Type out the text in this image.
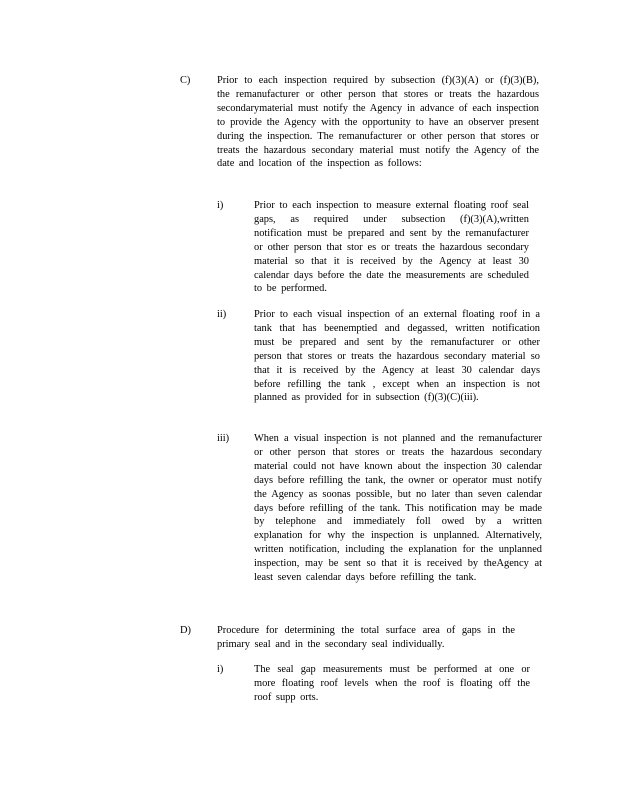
C)	Prior to each inspection required by subsection (f)(3)(A) or (f)(3)(B), the remanufacturer or other person that stores or treats the hazardous secondarymaterial must notify the Agency in advance of each inspection to provide the Agency with the opportunity to have an observer present during the inspection. The remanufacturer or other person that stores or treats the hazardous secondary material must notify the Agency of the date and location of the inspection as follows:

i)	Prior to each inspection to measure external floating roof seal gaps, as required under subsection (f)(3)(A),written notification must be prepared and sent by the remanufacturer or other person that stor es or treats the hazardous secondary material so that it is received by the Agency at least 30 calendar days before the date the measurements are scheduled to be performed.

ii)	Prior to each visual inspection of an external floating roof in a tank that has beenemptied and degassed, written notification must be prepared and sent by the remanufacturer or other person that stores or treats the hazardous secondary material so that it is received by the Agency at least 30 calendar days before refilling the tank , except when an inspection is not planned as provided for in subsection (f)(3)(C)(iii).

iii) When a visual inspection is not planned and the remanufacturer or other person that stores or treats the hazardous secondary material could not have known about the inspection 30 calendar days before refilling the tank, the owner or operator must notify the Agency as soonas possible, but no later than seven calendar days before refilling of the tank. This notification may be made by telephone and immediately foll owed by a written explanation for why the inspection is unplanned. Alternatively, written notification, including the explanation for the unplanned inspection, may be sent so that it is received by theAgency at least seven calendar days before refilling the tank.

D)	Procedure for determining the total surface area of gaps in the primary seal and in the secondary seal individually.

i)	The seal gap measurements must be performed at one or more floating roof levels when the roof is floating off the roof supp orts.
